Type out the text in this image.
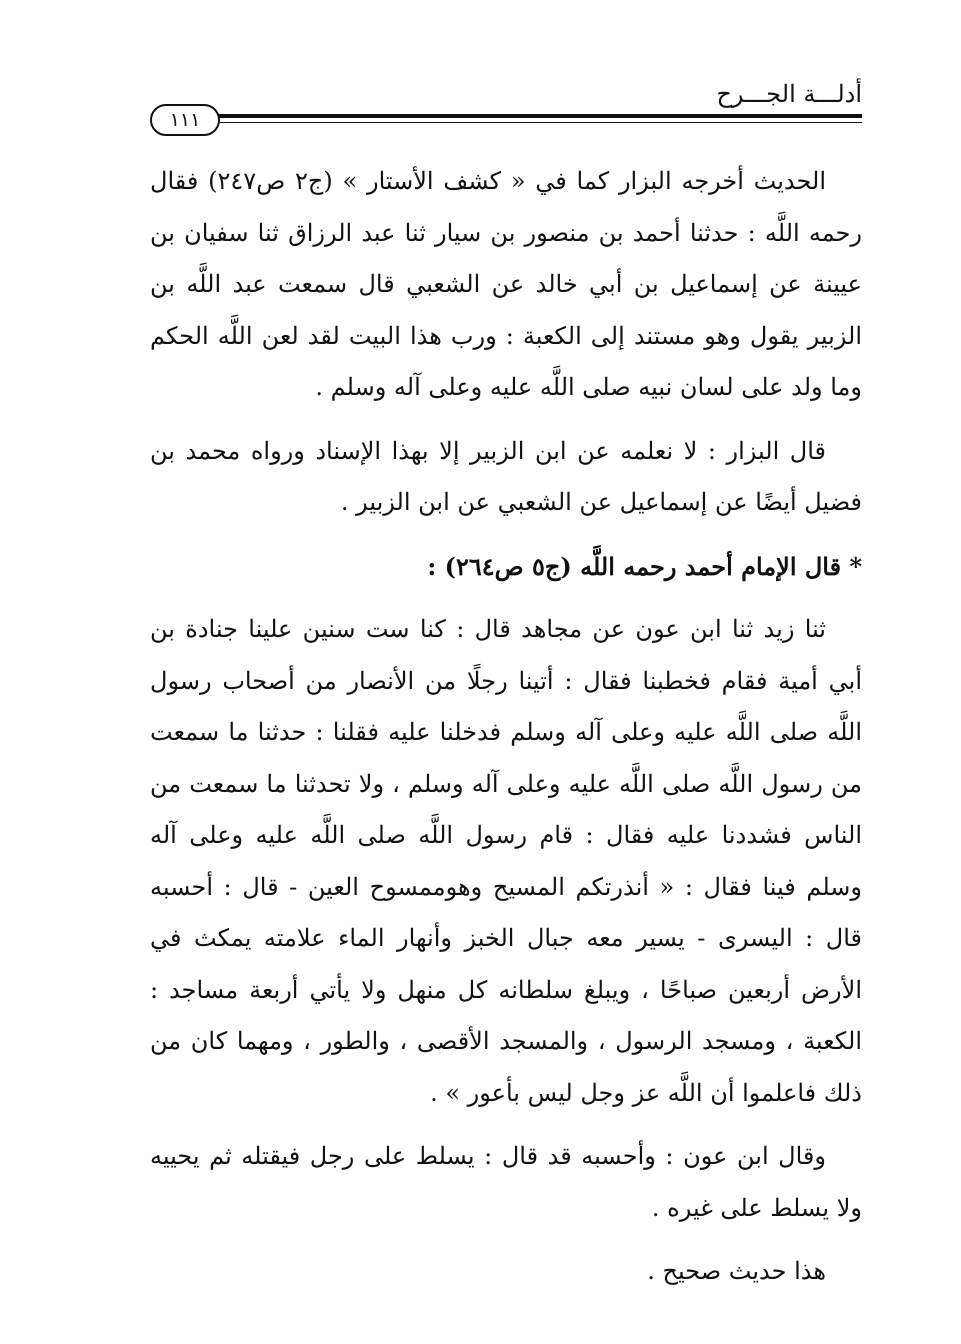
أدلـــة الجـــرح
١١١

الحديث أخرجه البزار كما في « كشف الأستار » (ج٢ ص٢٤٧) فقال رحمه اللَّه : حدثنا أحمد بن منصور بن سيار ثنا عبد الرزاق ثنا سفيان بن عيينة عن إسماعيل بن أبي خالد عن الشعبي قال سمعت عبد اللَّه بن الزبير يقول وهو مستند إلى الكعبة : ورب هذا البيت لقد لعن اللَّه الحكم وما ولد على لسان نبيه صلى اللَّه عليه وعلى آله وسلم .

قال البزار : لا نعلمه عن ابن الزبير إلا بهذا الإسناد ورواه محمد بن فضيل أيضًا عن إسماعيل عن الشعبي عن ابن الزبير .

* قال الإمام أحمد رحمه اللَّه (ج٥ ص٢٦٤) :

ثنا زيد ثنا ابن عون عن مجاهد قال : كنا ست سنين علينا جنادة بن أبي أمية فقام فخطبنا فقال : أتينا رجلًا من الأنصار من أصحاب رسول اللَّه صلى اللَّه عليه وعلى آله وسلم فدخلنا عليه فقلنا : حدثنا ما سمعت من رسول اللَّه صلى اللَّه عليه وعلى آله وسلم ، ولا تحدثنا ما سمعت من الناس فشددنا عليه فقال : قام رسول اللَّه صلى اللَّه عليه وعلى آله وسلم فينا فقال : « أنذرتكم المسيح وهوممسوح العين - قال : أحسبه قال : اليسرى - يسير معه جبال الخبز وأنهار الماء علامته يمكث في الأرض أربعين صباحًا ، ويبلغ سلطانه كل منهل ولا يأتي أربعة مساجد : الكعبة ، ومسجد الرسول ، والمسجد الأقصى ، والطور ، ومهما كان من ذلك فاعلموا أن اللَّه عز وجل ليس بأعور » .

وقال ابن عون : وأحسبه قد قال : يسلط على رجل فيقتله ثم يحييه ولا يسلط على غيره .

هذا حديث صحيح .
